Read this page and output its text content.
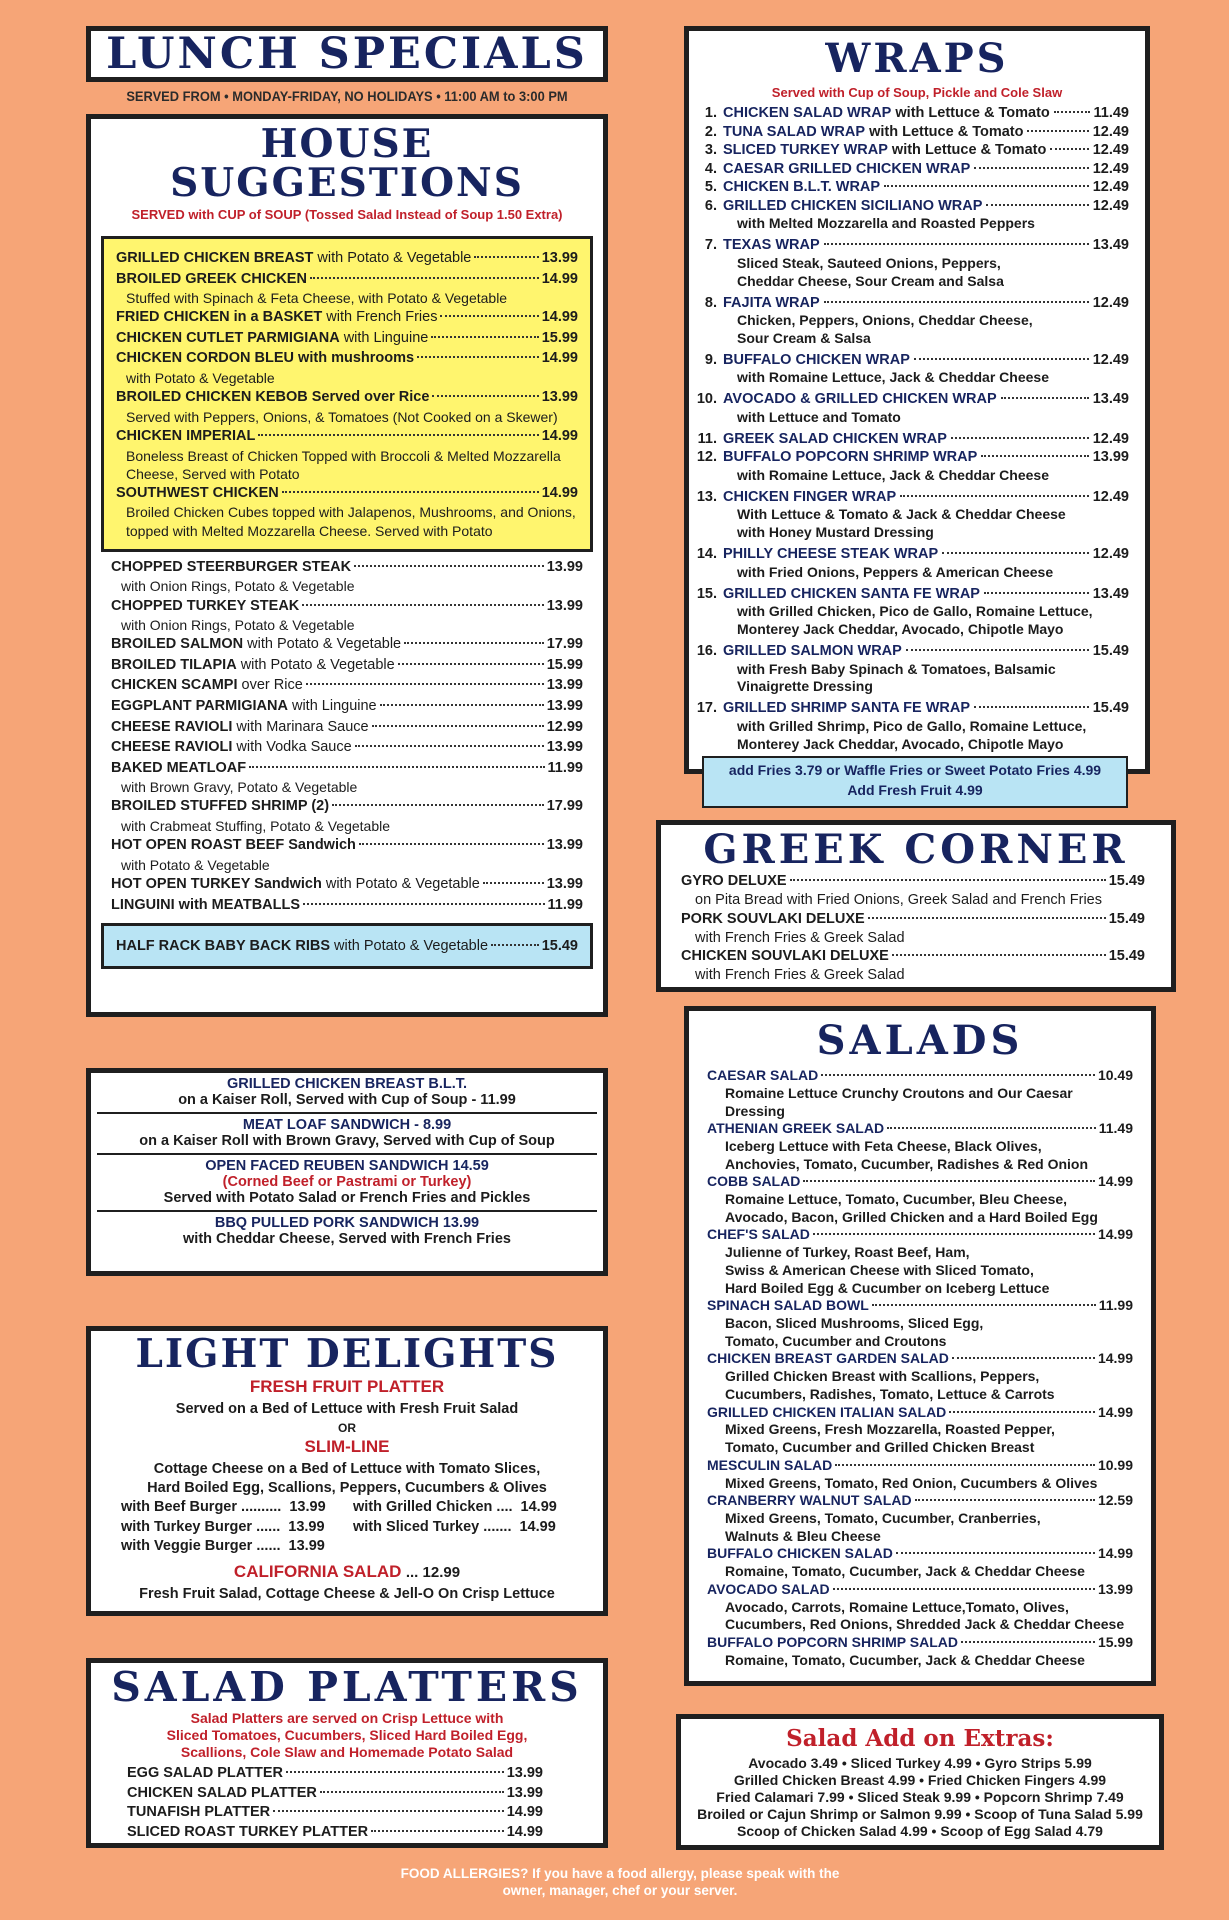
LUNCH SPECIALS
SERVED FROM • MONDAY-FRIDAY, NO HOLIDAYS • 11:00 AM to 3:00 PM
HOUSE SUGGESTIONS
SERVED with CUP of SOUP (Tossed Salad Instead of Soup 1.50 Extra)
GRILLED CHICKEN BREAST with Potato & Vegetable	13.99
BROILED GREEK CHICKEN	14.99
Stuffed with Spinach & Feta Cheese, with Potato & Vegetable
FRIED CHICKEN in a BASKET with French Fries	14.99
CHICKEN CUTLET PARMIGIANA with Linguine	15.99
CHICKEN CORDON BLEU with mushrooms	14.99
with Potato & Vegetable
BROILED CHICKEN KEBOB Served over Rice	13.99
Served with Peppers, Onions, & Tomatoes (Not Cooked on a Skewer)
CHICKEN IMPERIAL	14.99
Boneless Breast of Chicken Topped with Broccoli & Melted Mozzarella Cheese, Served with Potato
SOUTHWEST CHICKEN	14.99
Broiled Chicken Cubes topped with Jalapenos, Mushrooms, and Onions, topped with Melted Mozzarella Cheese. Served with Potato
CHOPPED STEERBURGER STEAK	13.99
with Onion Rings, Potato & Vegetable
CHOPPED TURKEY STEAK	13.99
with Onion Rings, Potato & Vegetable
BROILED SALMON with Potato & Vegetable	17.99
BROILED TILAPIA with Potato & Vegetable	15.99
CHICKEN SCAMPI over Rice	13.99
EGGPLANT PARMIGIANA with Linguine	13.99
CHEESE RAVIOLI with Marinara Sauce	12.99
CHEESE RAVIOLI with Vodka Sauce	13.99
BAKED MEATLOAF	11.99
with Brown Gravy, Potato & Vegetable
BROILED STUFFED SHRIMP (2)	17.99
with Crabmeat Stuffing, Potato & Vegetable
HOT OPEN ROAST BEEF Sandwich	13.99
with Potato & Vegetable
HOT OPEN TURKEY Sandwich with Potato & Vegetable	13.99
LINGUINI with MEATBALLS	11.99
HALF RACK BABY BACK RIBS with Potato & Vegetable	15.49
GRILLED CHICKEN BREAST B.L.T.
on a Kaiser Roll, Served with Cup of Soup - 11.99
MEAT LOAF SANDWICH - 8.99
on a Kaiser Roll with Brown Gravy, Served with Cup of Soup
OPEN FACED REUBEN SANDWICH 14.59
(Corned Beef or Pastrami or Turkey)
Served with Potato Salad or French Fries and Pickles
BBQ PULLED PORK SANDWICH 13.99
with Cheddar Cheese, Served with French Fries
LIGHT DELIGHTS
FRESH FRUIT PLATTER
Served on a Bed of Lettuce with Fresh Fruit Salad
OR
SLIM-LINE
Cottage Cheese on a Bed of Lettuce with Tomato Slices,
Hard Boiled Egg, Scallions, Peppers, Cucumbers & Olives
with Beef Burger .......... 13.99
with Turkey Burger ...... 13.99
with Veggie Burger ...... 13.99
with Grilled Chicken .... 14.99
with Sliced Turkey ....... 14.99
CALIFORNIA SALAD ... 12.99
Fresh Fruit Salad, Cottage Cheese & Jell-O On Crisp Lettuce
SALAD PLATTERS
Salad Platters are served on Crisp Lettuce with
Sliced Tomatoes, Cucumbers, Sliced Hard Boiled Egg,
Scallions, Cole Slaw and Homemade Potato Salad
EGG SALAD PLATTER	13.99
CHICKEN SALAD PLATTER	13.99
TUNAFISH PLATTER	14.99
SLICED ROAST TURKEY PLATTER	14.99
WRAPS
Served with Cup of Soup, Pickle and Cole Slaw
1. CHICKEN SALAD WRAP with Lettuce & Tomato	11.49
2. TUNA SALAD WRAP with Lettuce & Tomato	12.49
3. SLICED TURKEY WRAP with Lettuce & Tomato	12.49
4. CAESAR GRILLED CHICKEN WRAP	12.49
5. CHICKEN B.L.T. WRAP	12.49
6. GRILLED CHICKEN SICILIANO WRAP	12.49
with Melted Mozzarella and Roasted Peppers
7. TEXAS WRAP	13.49
Sliced Steak, Sauteed Onions, Peppers,
Cheddar Cheese, Sour Cream and Salsa
8. FAJITA WRAP	12.49
Chicken, Peppers, Onions, Cheddar Cheese,
Sour Cream & Salsa
9. BUFFALO CHICKEN WRAP	12.49
with Romaine Lettuce, Jack & Cheddar Cheese
10. AVOCADO & GRILLED CHICKEN WRAP	13.49
with Lettuce and Tomato
11. GREEK SALAD CHICKEN WRAP	12.49
12. BUFFALO POPCORN SHRIMP WRAP	13.99
with Romaine Lettuce, Jack & Cheddar Cheese
13. CHICKEN FINGER WRAP	12.49
With Lettuce & Tomato & Jack & Cheddar Cheese
with Honey Mustard Dressing
14. PHILLY CHEESE STEAK WRAP	12.49
with Fried Onions, Peppers & American Cheese
15. GRILLED CHICKEN SANTA FE WRAP	13.49
with Grilled Chicken, Pico de Gallo, Romaine Lettuce,
Monterey Jack Cheddar, Avocado, Chipotle Mayo
16. GRILLED SALMON WRAP	15.49
with Fresh Baby Spinach & Tomatoes, Balsamic
Vinaigrette Dressing
17. GRILLED SHRIMP SANTA FE WRAP	15.49
with Grilled Shrimp, Pico de Gallo, Romaine Lettuce,
Monterey Jack Cheddar, Avocado, Chipotle Mayo
add Fries 3.79 or Waffle Fries or Sweet Potato Fries 4.99
Add Fresh Fruit 4.99
GREEK CORNER
GYRO DELUXE	15.49
on Pita Bread with Fried Onions, Greek Salad and French Fries
PORK SOUVLAKI DELUXE	15.49
with French Fries & Greek Salad
CHICKEN SOUVLAKI DELUXE	15.49
with French Fries & Greek Salad
SALADS
CAESAR SALAD	10.49
Romaine Lettuce Crunchy Croutons and Our Caesar Dressing
ATHENIAN GREEK SALAD	11.49
Iceberg Lettuce with Feta Cheese, Black Olives,
Anchovies, Tomato, Cucumber, Radishes & Red Onion
COBB SALAD	14.99
Romaine Lettuce, Tomato, Cucumber, Bleu Cheese,
Avocado, Bacon, Grilled Chicken and a Hard Boiled Egg
CHEF'S SALAD	14.99
Julienne of Turkey, Roast Beef, Ham,
Swiss & American Cheese with Sliced Tomato,
Hard Boiled Egg & Cucumber on Iceberg Lettuce
SPINACH SALAD BOWL	11.99
Bacon, Sliced Mushrooms, Sliced Egg,
Tomato, Cucumber and Croutons
CHICKEN BREAST GARDEN SALAD	14.99
Grilled Chicken Breast with Scallions, Peppers,
Cucumbers, Radishes, Tomato, Lettuce & Carrots
GRILLED CHICKEN ITALIAN SALAD	14.99
Mixed Greens, Fresh Mozzarella, Roasted Pepper,
Tomato, Cucumber and Grilled Chicken Breast
MESCULIN SALAD	10.99
Mixed Greens, Tomato, Red Onion, Cucumbers & Olives
CRANBERRY WALNUT SALAD	12.59
Mixed Greens, Tomato, Cucumber, Cranberries,
Walnuts & Bleu Cheese
BUFFALO CHICKEN SALAD	14.99
Romaine, Tomato, Cucumber, Jack & Cheddar Cheese
AVOCADO SALAD	13.99
Avocado, Carrots, Romaine Lettuce,Tomato, Olives,
Cucumbers, Red Onions, Shredded Jack & Cheddar Cheese
BUFFALO POPCORN SHRIMP SALAD	15.99
Romaine, Tomato, Cucumber, Jack & Cheddar Cheese
Salad Add on Extras:
Avocado 3.49 • Sliced Turkey 4.99 • Gyro Strips 5.99
Grilled Chicken Breast 4.99 • Fried Chicken Fingers 4.99
Fried Calamari 7.99 • Sliced Steak 9.99 • Popcorn Shrimp 7.49
Broiled or Cajun Shrimp or Salmon 9.99 • Scoop of Tuna Salad 5.99
Scoop of Chicken Salad 4.99 • Scoop of Egg Salad 4.79
FOOD ALLERGIES? If you have a food allergy, please speak with the
owner, manager, chef or your server.
